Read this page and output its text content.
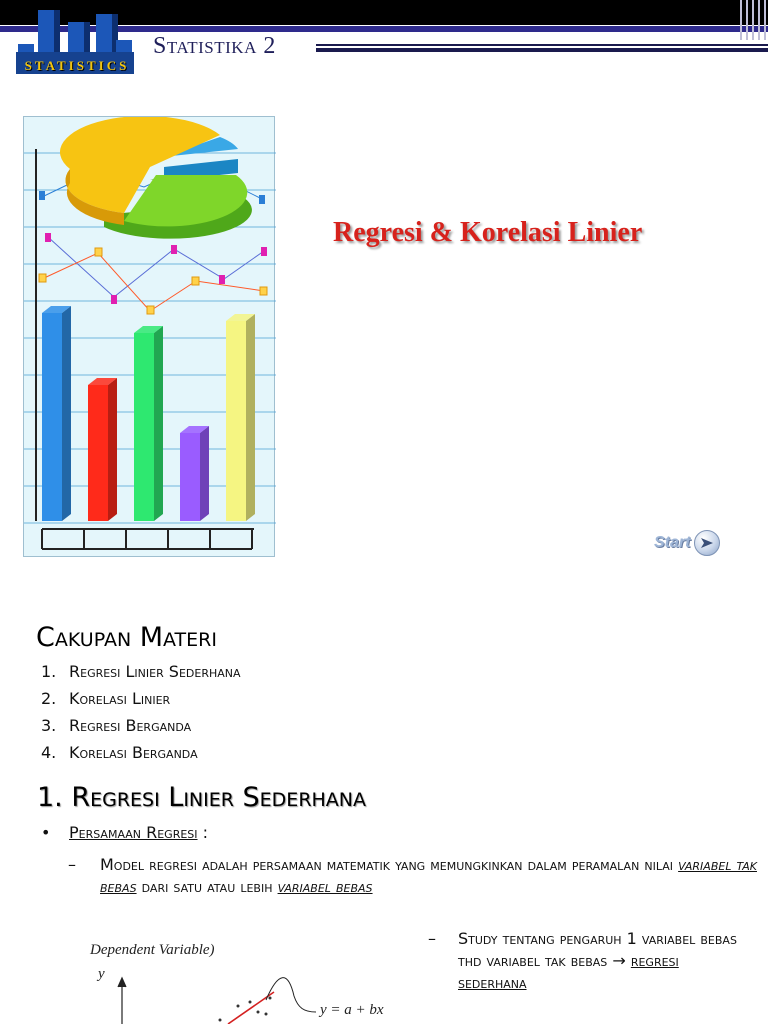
STATISTICS
Statistika 2
Regresi & Korelasi Linier
Start
Cakupan Materi
1. Regresi Linier Sederhana
2. Korelasi Linier
3. Regresi Berganda
4. Korelasi Berganda
1. Regresi Linier Sederhana
• Persamaan Regresi :
– Model regresi adalah persamaan matematik yang memungkinkan dalam peramalan nilai variabel tak bebas dari satu atau lebih variabel bebas
– Study tentang pengaruh 1 variabel bebas thd variabel tak bebas → regresi sederhana
Dependent Variable)
y
y = a + bx
